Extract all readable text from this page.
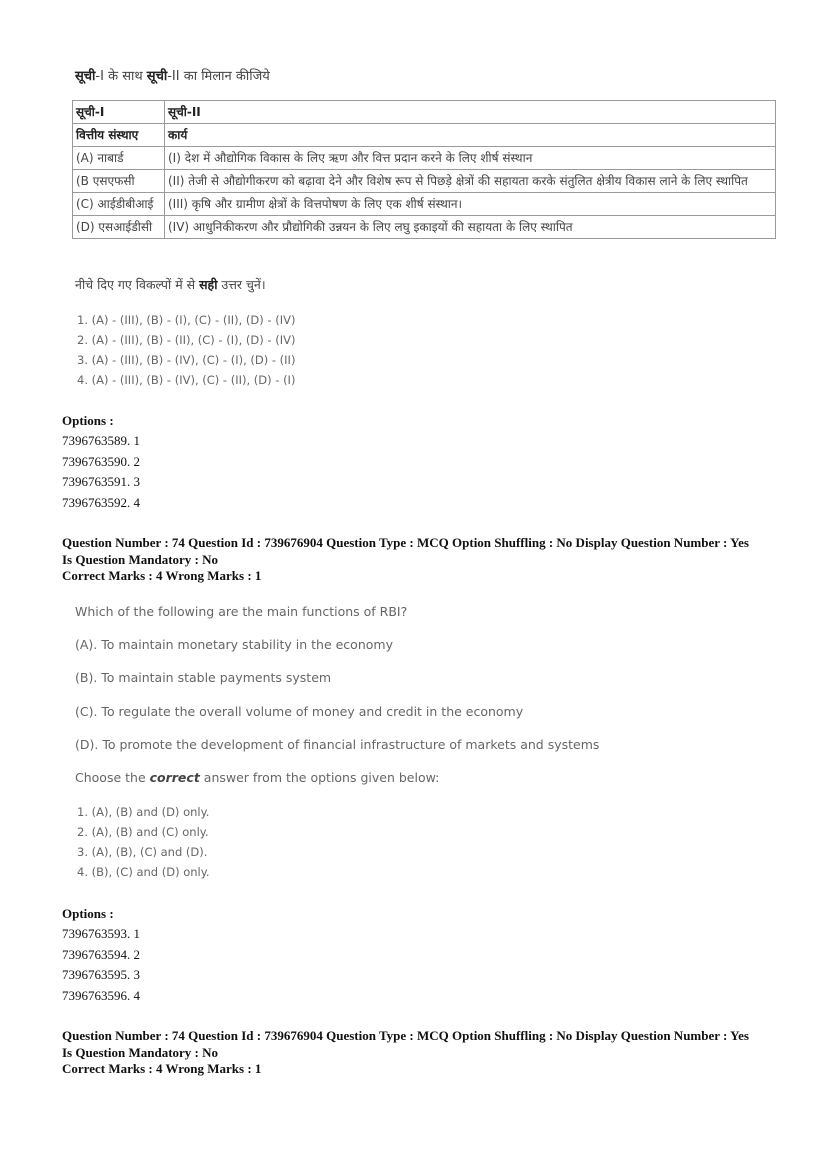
सूची-I के साथ सूची-II का मिलान कीजिये
सूची-I	सूची-II
वित्तीय संस्थाए	कार्य
(A) नाबार्ड	(I) देश में औद्योगिक विकास के लिए ऋण और वित्त प्रदान करने के लिए शीर्ष संस्थान
(B एसएफसी	(II) तेजी से औद्योगीकरण को बढ़ावा देने और विशेष रूप से पिछड़े क्षेत्रों की सहायता करके संतुलित क्षेत्रीय विकास लाने के लिए स्थापित
(C) आईडीबीआई	(III) कृषि और ग्रामीण क्षेत्रों के वित्तपोषण के लिए एक शीर्ष संस्थान।
(D) एसआईडीसी	(IV) आधुनिकीकरण और प्रौद्योगिकी उन्नयन के लिए लघु इकाइयों की सहायता के लिए स्थापित
नीचे दिए गए विकल्पों में से सही उत्तर चुनें।
1. (A) - (III), (B) - (I), (C) - (II), (D) - (IV)
2. (A) - (III), (B) - (II), (C) - (I), (D) - (IV)
3. (A) - (III), (B) - (IV), (C) - (I), (D) - (II)
4. (A) - (III), (B) - (IV), (C) - (II), (D) - (I)
Options :
7396763589. 1
7396763590. 2
7396763591. 3
7396763592. 4
Question Number : 74 Question Id : 739676904 Question Type : MCQ Option Shuffling : No Display Question Number : Yes
Is Question Mandatory : No
Correct Marks : 4 Wrong Marks : 1
Which of the following are the main functions of RBI?
(A). To maintain monetary stability in the economy
(B). To maintain stable payments system
(C). To regulate the overall volume of money and credit in the economy
(D). To promote the development of financial infrastructure of markets and systems
Choose the correct answer from the options given below:
1. (A), (B) and (D) only.
2. (A), (B) and (C) only.
3. (A), (B), (C) and (D).
4. (B), (C) and (D) only.
Options :
7396763593. 1
7396763594. 2
7396763595. 3
7396763596. 4
Question Number : 74 Question Id : 739676904 Question Type : MCQ Option Shuffling : No Display Question Number : Yes
Is Question Mandatory : No
Correct Marks : 4 Wrong Marks : 1
